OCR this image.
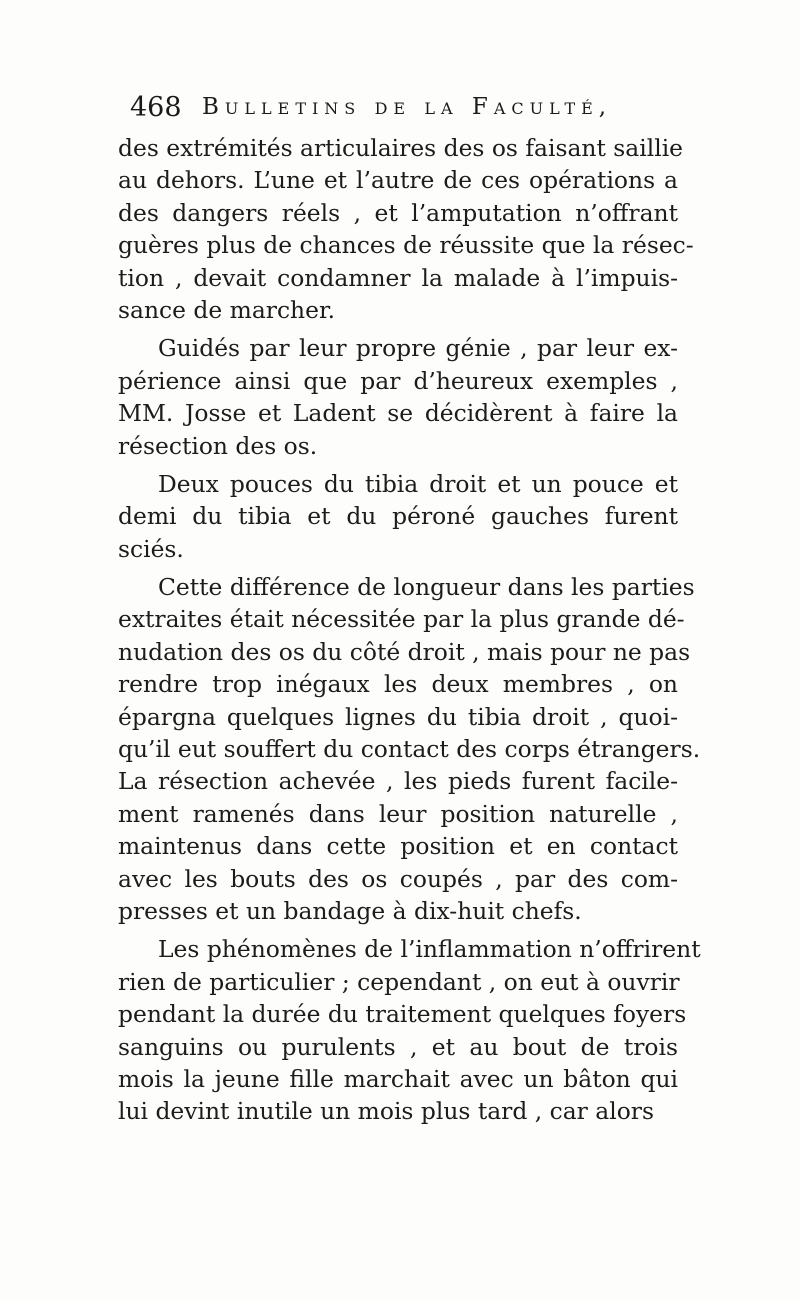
468 Bulletins de la Faculté,
des extrémités articulaires des os faisant saillie
au dehors. L’une et l’autre de ces opérations a
des dangers réels , et l’amputation n’offrant
guères plus de chances de réussite que la résec-
tion , devait condamner la malade à l’impuis-
sance de marcher.
Guidés par leur propre génie , par leur ex-
périence ainsi que par d’heureux exemples ,
MM. Josse et Ladent se décidèrent à faire la
résection des os.
Deux pouces du tibia droit et un pouce et
demi du tibia et du péroné gauches furent
sciés.
Cette différence de longueur dans les parties
extraites était nécessitée par la plus grande dé-
nudation des os du côté droit , mais pour ne pas
rendre trop inégaux les deux membres , on
épargna quelques lignes du tibia droit , quoi-
qu’il eut souffert du contact des corps étrangers.
La résection achevée , les pieds furent facile-
ment ramenés dans leur position naturelle ,
maintenus dans cette position et en contact
avec les bouts des os coupés , par des com-
presses et un bandage à dix-huit chefs.
Les phénomènes de l’inflammation n’offrirent
rien de particulier ; cependant , on eut à ouvrir
pendant la durée du traitement quelques foyers
sanguins ou purulents , et au bout de trois
mois la jeune fille marchait avec un bâton qui
lui devint inutile un mois plus tard , car alors
